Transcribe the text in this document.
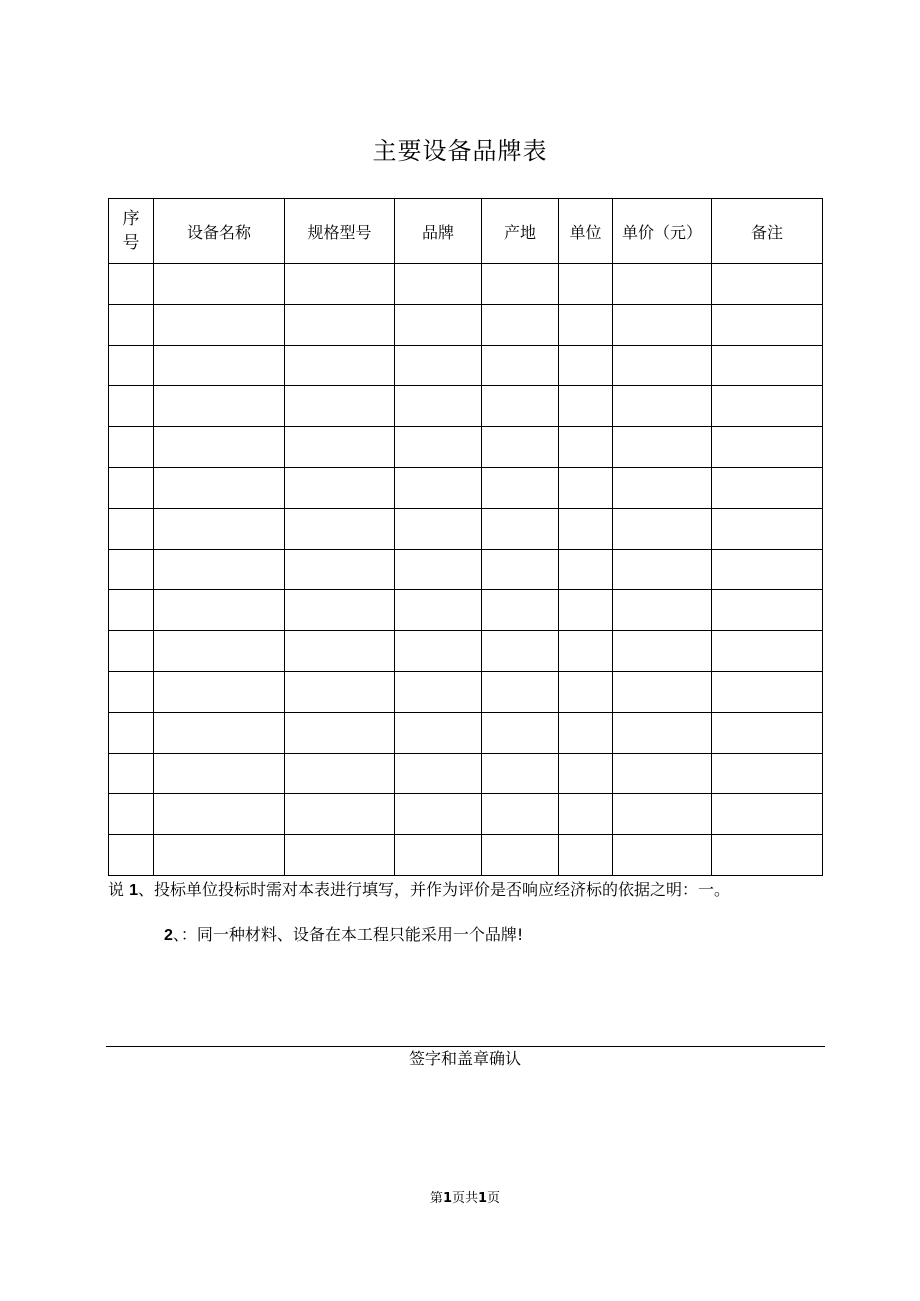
主要设备品牌表
序
号	设备名称	规格型号	品牌	产地	单位	单价（元）	备注

说 1、投标单位投标时需对本表进行填写，并作为评价是否响应经济标的依据之明：一。
2、：同一种材料、设备在本工程只能采用一个品牌!
签字和盖章确认
第1页共1页
